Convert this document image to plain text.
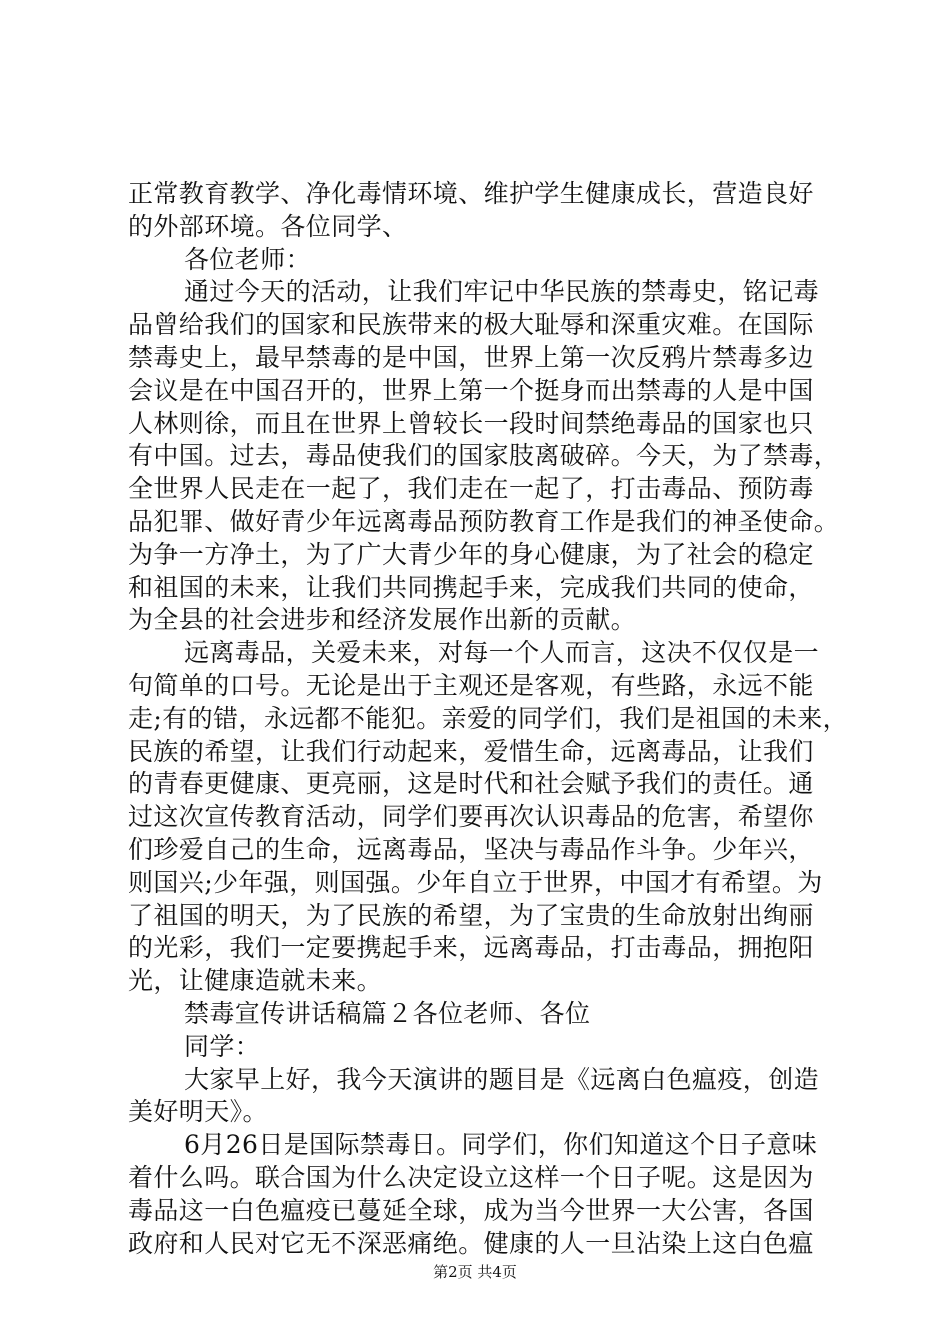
正常教育教学、净化毒情环境、维护学生健康成长，营造良好
的外部环境。各位同学、
各位老师：
通过今天的活动，让我们牢记中华民族的禁毒史，铭记毒
品曾给我们的国家和民族带来的极大耻辱和深重灾难。在国际
禁毒史上，最早禁毒的是中国，世界上第一次反鸦片禁毒多边
会议是在中国召开的，世界上第一个挺身而出禁毒的人是中国
人林则徐，而且在世界上曾较长一段时间禁绝毒品的国家也只
有中国。过去，毒品使我们的国家肢离破碎。今天，为了禁毒，
全世界人民走在一起了，我们走在一起了，打击毒品、预防毒
品犯罪、做好青少年远离毒品预防教育工作是我们的神圣使命。
为争一方净土，为了广大青少年的身心健康，为了社会的稳定
和祖国的未来，让我们共同携起手来，完成我们共同的使命，
为全县的社会进步和经济发展作出新的贡献。
远离毒品，关爱未来，对每一个人而言，这决不仅仅是一
句简单的口号。无论是出于主观还是客观，有些路，永远不能
走;有的错，永远都不能犯。亲爱的同学们，我们是祖国的未来，
民族的希望，让我们行动起来，爱惜生命，远离毒品，让我们
的青春更健康、更亮丽，这是时代和社会赋予我们的责任。通
过这次宣传教育活动，同学们要再次认识毒品的危害，希望你
们珍爱自己的生命，远离毒品，坚决与毒品作斗争。少年兴，
则国兴;少年强，则国强。少年自立于世界，中国才有希望。为
了祖国的明天，为了民族的希望，为了宝贵的生命放射出绚丽
的光彩，我们一定要携起手来，远离毒品，打击毒品，拥抱阳
光，让健康造就未来。
禁毒宣传讲话稿篇２各位老师、各位
同学：
大家早上好，我今天演讲的题目是《远离白色瘟疫，创造
美好明天》。
6月26日是国际禁毒日。同学们，你们知道这个日子意味
着什么吗。联合国为什么决定设立这样一个日子呢。这是因为
毒品这一白色瘟疫已蔓延全球，成为当今世界一大公害，各国
政府和人民对它无不深恶痛绝。健康的人一旦沾染上这白色瘟
第2页 共4页
